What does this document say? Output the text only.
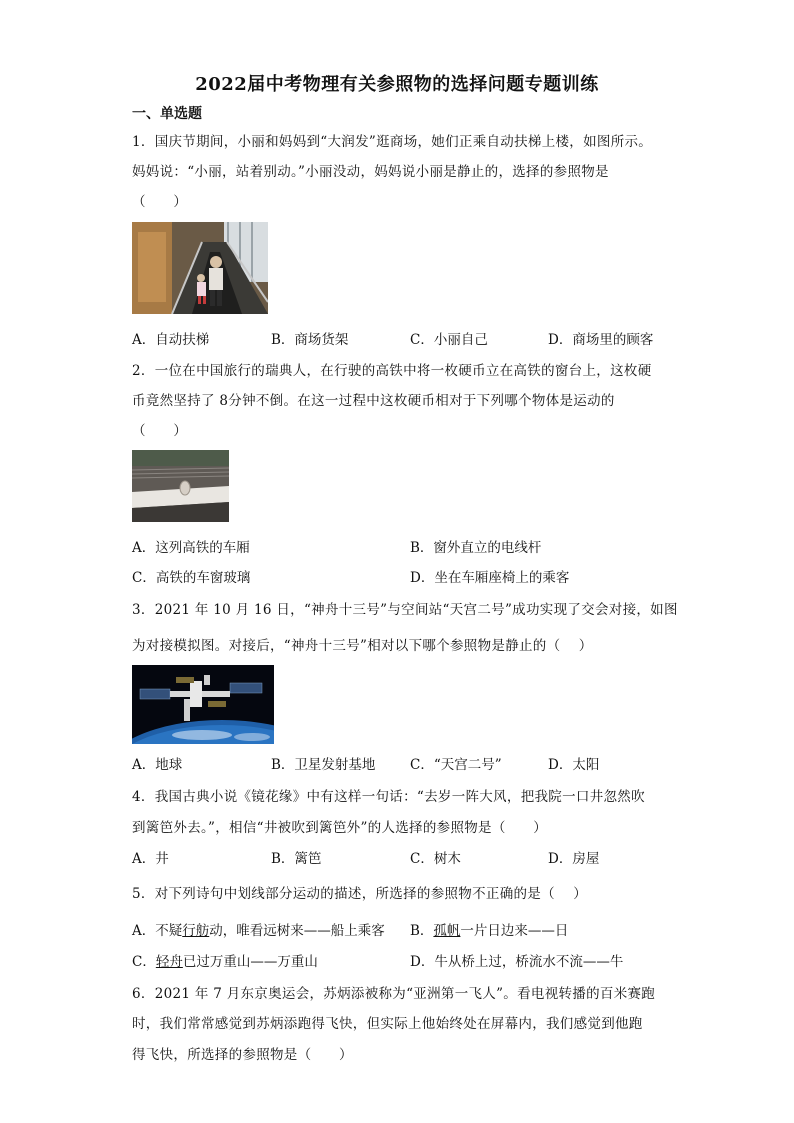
2022届中考物理有关参照物的选择问题专题训练
一、单选题
1．国庆节期间，小丽和妈妈到“大润发”逛商场，她们正乘自动扶梯上楼，如图所示。
妈妈说：“小丽，站着别动。”小丽没动，妈妈说小丽是静止的，选择的参照物是
（　　）
A．自动扶梯	B．商场货架	C．小丽自己	D．商场里的顾客
2．一位在中国旅行的瑞典人，在行驶的高铁中将一枚硬币立在高铁的窗台上，这枚硬
币竟然坚持了 8分钟不倒。在这一过程中这枚硬币相对于下列哪个物体是运动的
（　　）
A．这列高铁的车厢	B．窗外直立的电线杆
C．高铁的车窗玻璃	D．坐在车厢座椅上的乘客
3．2021 年 10 月 16 日，“神舟十三号”与空间站“天宫二号”成功实现了交会对接，如图
为对接模拟图。对接后，“神舟十三号”相对以下哪个参照物是静止的（　 ）
A．地球	B．卫星发射基地	C．“天宫二号”	D．太阳
4．我国古典小说《镜花缘》中有这样一句话：“去岁一阵大风，把我院一口井忽然吹
到篱笆外去。”，相信“井被吹到篱笆外”的人选择的参照物是（　　）
A．井	B．篱笆	C．树木	D．房屋
5．对下列诗句中划线部分运动的描述，所选择的参照物不正确的是（　 ）
A．不疑行舫动，唯看远树来——船上乘客 B．孤帆一片日边来——日
C．轻舟已过万重山——万重山	D．牛从桥上过，桥流水不流——牛
6．2021 年 7 月东京奥运会，苏炳添被称为“亚洲第一飞人”。看电视转播的百米赛跑
时，我们常常感觉到苏炳添跑得飞快，但实际上他始终处在屏幕内，我们感觉到他跑
得飞快，所选择的参照物是（　　）
